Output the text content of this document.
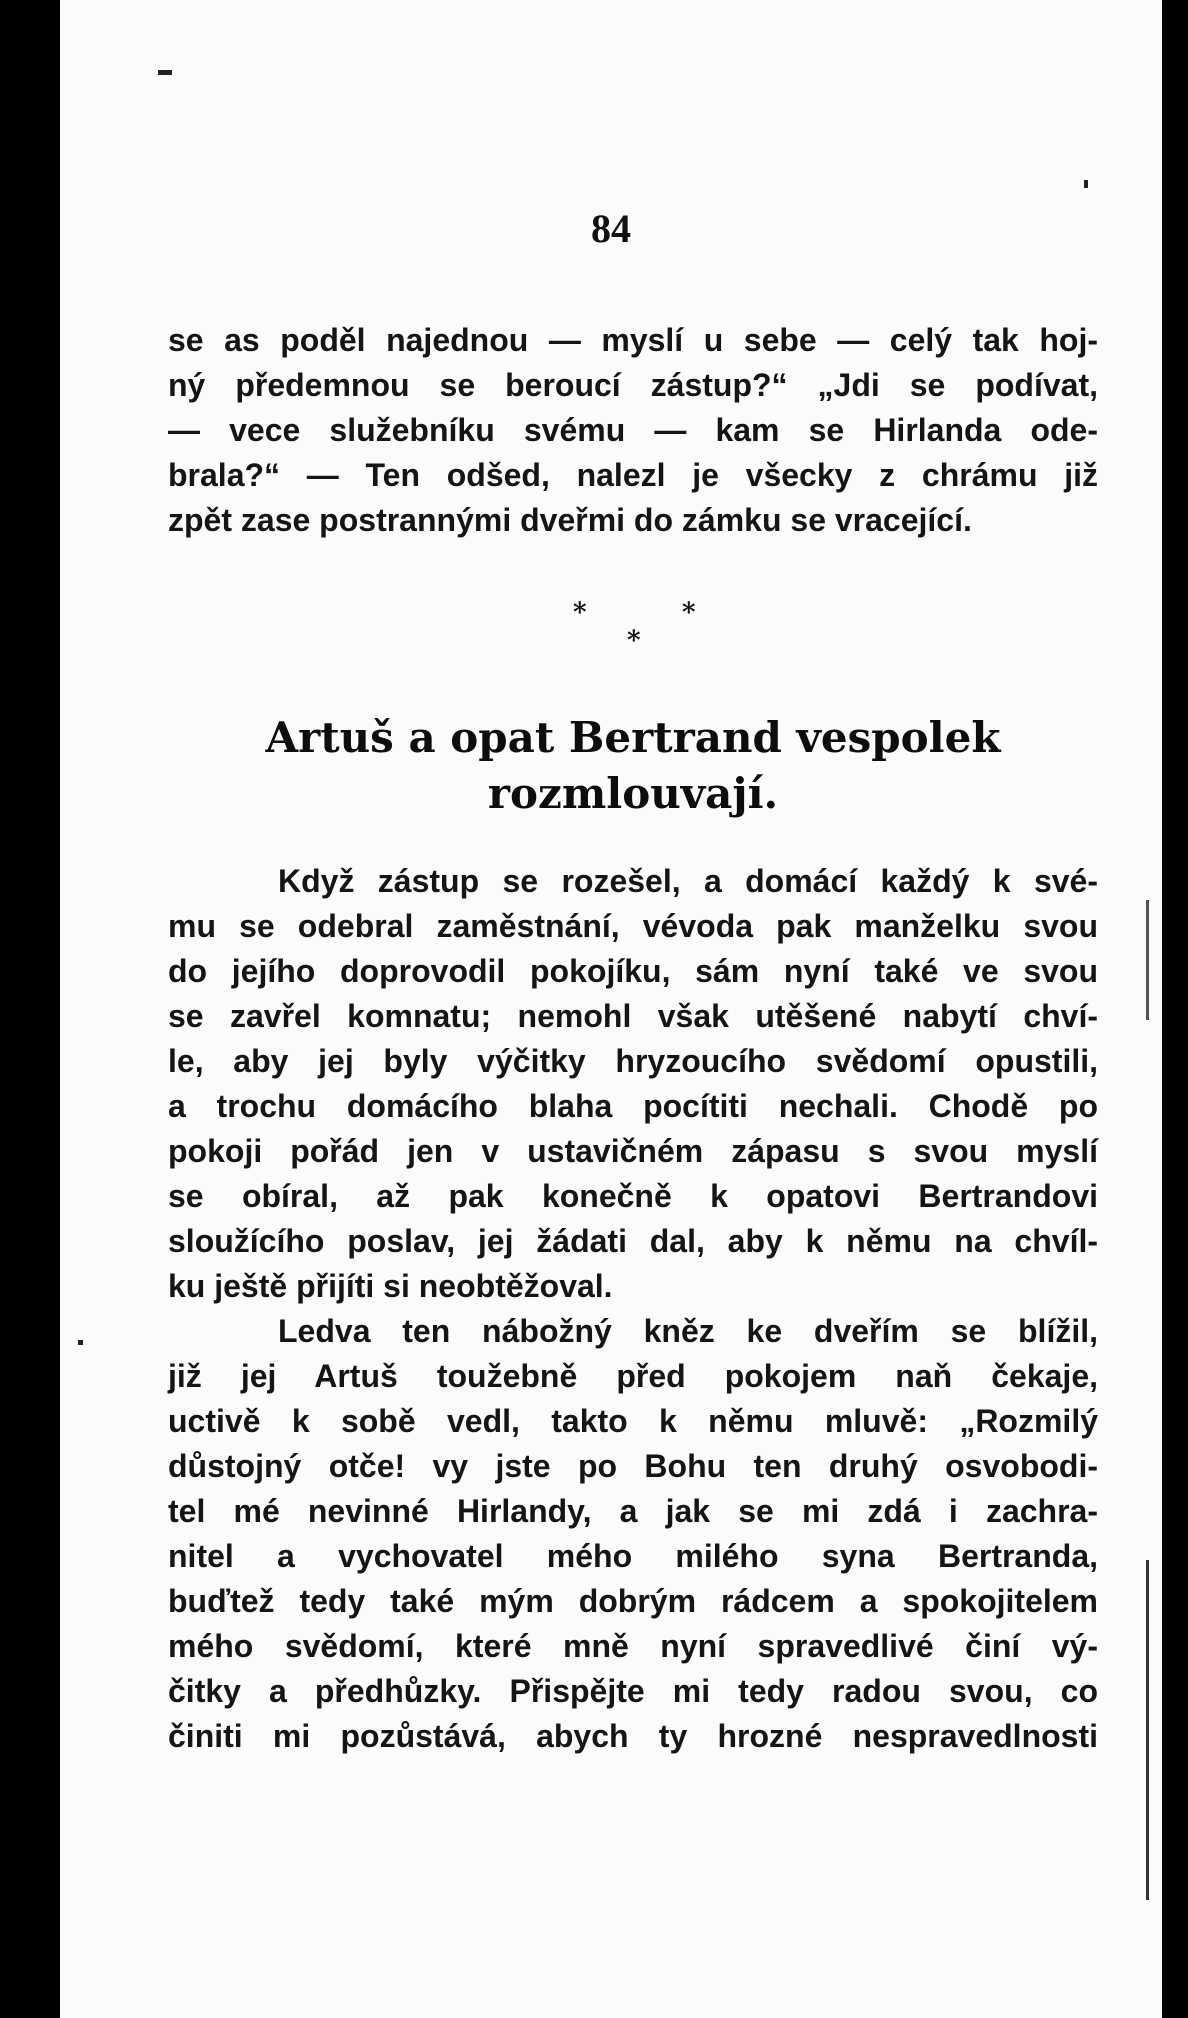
84
se as poděl najednou — myslí u sebe — celý tak hoj-
ný předemnou se beroucí zástup?“ „Jdi se podívat,
— vece služebníku svému — kam se Hirlanda ode-
brala?“ — Ten odšed, nalezl je všecky z chrámu již
zpět zase postrannými dveřmi do zámku se vracející.
*	*
*
Artuš a opat Bertrand vespolek
rozmlouvají.
Když zástup se rozešel, a domácí každý k své-
mu se odebral zaměstnání, vévoda pak manželku svou
do jejího doprovodil pokojíku, sám nyní také ve svou
se zavřel komnatu; nemohl však utěšené nabytí chví-
le, aby jej byly výčitky hryzoucího svědomí opustili,
a trochu domácího blaha pocítiti nechali. Chodě po
pokoji pořád jen v ustavičném zápasu s svou myslí
se obíral, až pak konečně k opatovi Bertrandovi
sloužícího poslav, jej žádati dal, aby k němu na chvíl-
ku ještě přijíti si neobtěžoval.
Ledva ten nábožný kněz ke dveřím se blížil,
již jej Artuš toužebně před pokojem naň čekaje,
uctivě k sobě vedl, takto k němu mluvě: „Rozmilý
důstojný otče! vy jste po Bohu ten druhý osvobodi-
tel mé nevinné Hirlandy, a jak se mi zdá i zachra-
nitel a vychovatel mého milého syna Bertranda,
buďtež tedy také mým dobrým rádcem a spokojitelem
mého svědomí, které mně nyní spravedlivé činí vý-
čitky a předhůzky. Přispějte mi tedy radou svou, co
činiti mi pozůstává, abych ty hrozné nespravedlnosti
